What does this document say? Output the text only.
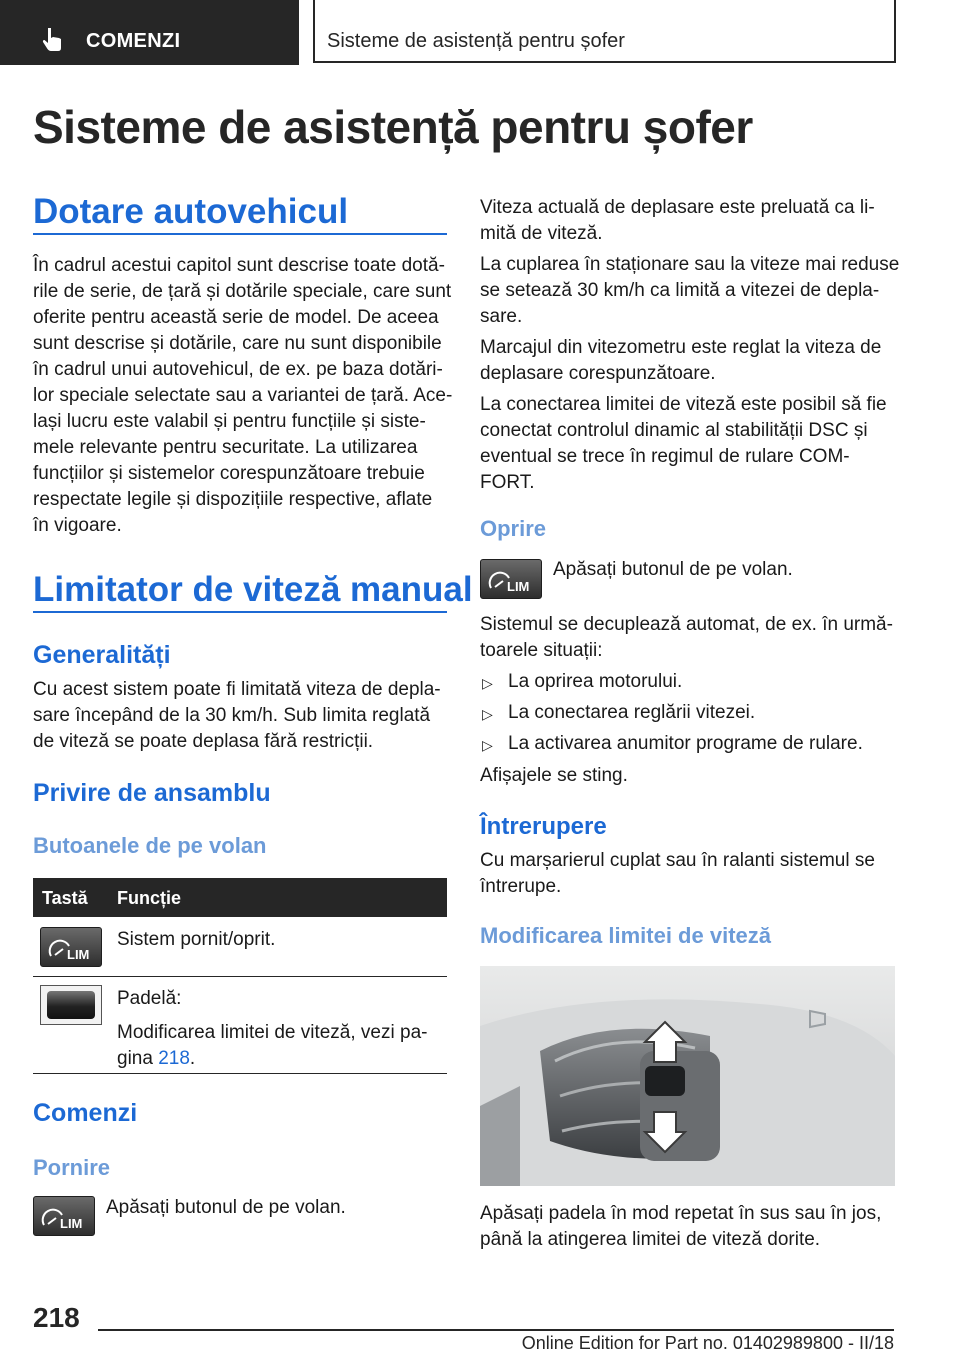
COMENZI	Sisteme de asistență pentru șofer
Sisteme de asistență pentru șofer
Dotare autovehicul
În cadrul acestui capitol sunt descrise toate dotă‐
rile de serie, de țară și dotările speciale, care sunt
oferite pentru această serie de model. De aceea
sunt descrise și dotările, care nu sunt disponibile
în cadrul unui autovehicul, de ex. pe baza dotări‐
lor speciale selectate sau a variantei de țară. Ace‐
lași lucru este valabil și pentru funcțiile și siste‐
mele relevante pentru securitate. La utilizarea
funcțiilor și sistemelor corespunzătoare trebuie
respectate legile și dispozițiile respective, aflate
în vigoare.
Limitator de viteză manual
Generalități
Cu acest sistem poate fi limitată viteza de depla‐
sare începând de la 30 km/h. Sub limita reglată
de viteză se poate deplasa fără restricții.
Privire de ansamblu
Butoanele de pe volan
Tastă Funcție
LIM
Sistem pornit/oprit.
Padelă:
Modificarea limitei de viteză, vezi pa‐
gina 218.
Comenzi
Pornire
LIM
Apăsați butonul de pe volan.
Viteza actuală de deplasare este preluată ca li‐
mită de viteză.
La cuplarea în staționare sau la viteze mai reduse
se setează 30 km/h ca limită a vitezei de depla‐
sare.
Marcajul din vitezometru este reglat la viteza de
deplasare corespunzătoare.
La conectarea limitei de viteză este posibil să fie
conectat controlul dinamic al stabilității DSC și
eventual se trece în regimul de rulare COM‐
FORT.
Oprire
LIM
Apăsați butonul de pe volan.
Sistemul se decuplează automat, de ex. în urmă‐
toarele situații:
▷ La oprirea motorului.
▷ La conectarea reglării vitezei.
▷ La activarea anumitor programe de rulare.
Afișajele se sting.
Întrerupere
Cu marșarierul cuplat sau în ralanti sistemul se
întrerupe.
Modificarea limitei de viteză
Apăsați padela în mod repetat în sus sau în jos,
până la atingerea limitei de viteză dorite.
218
Online Edition for Part no. 01402989800 - II/18
